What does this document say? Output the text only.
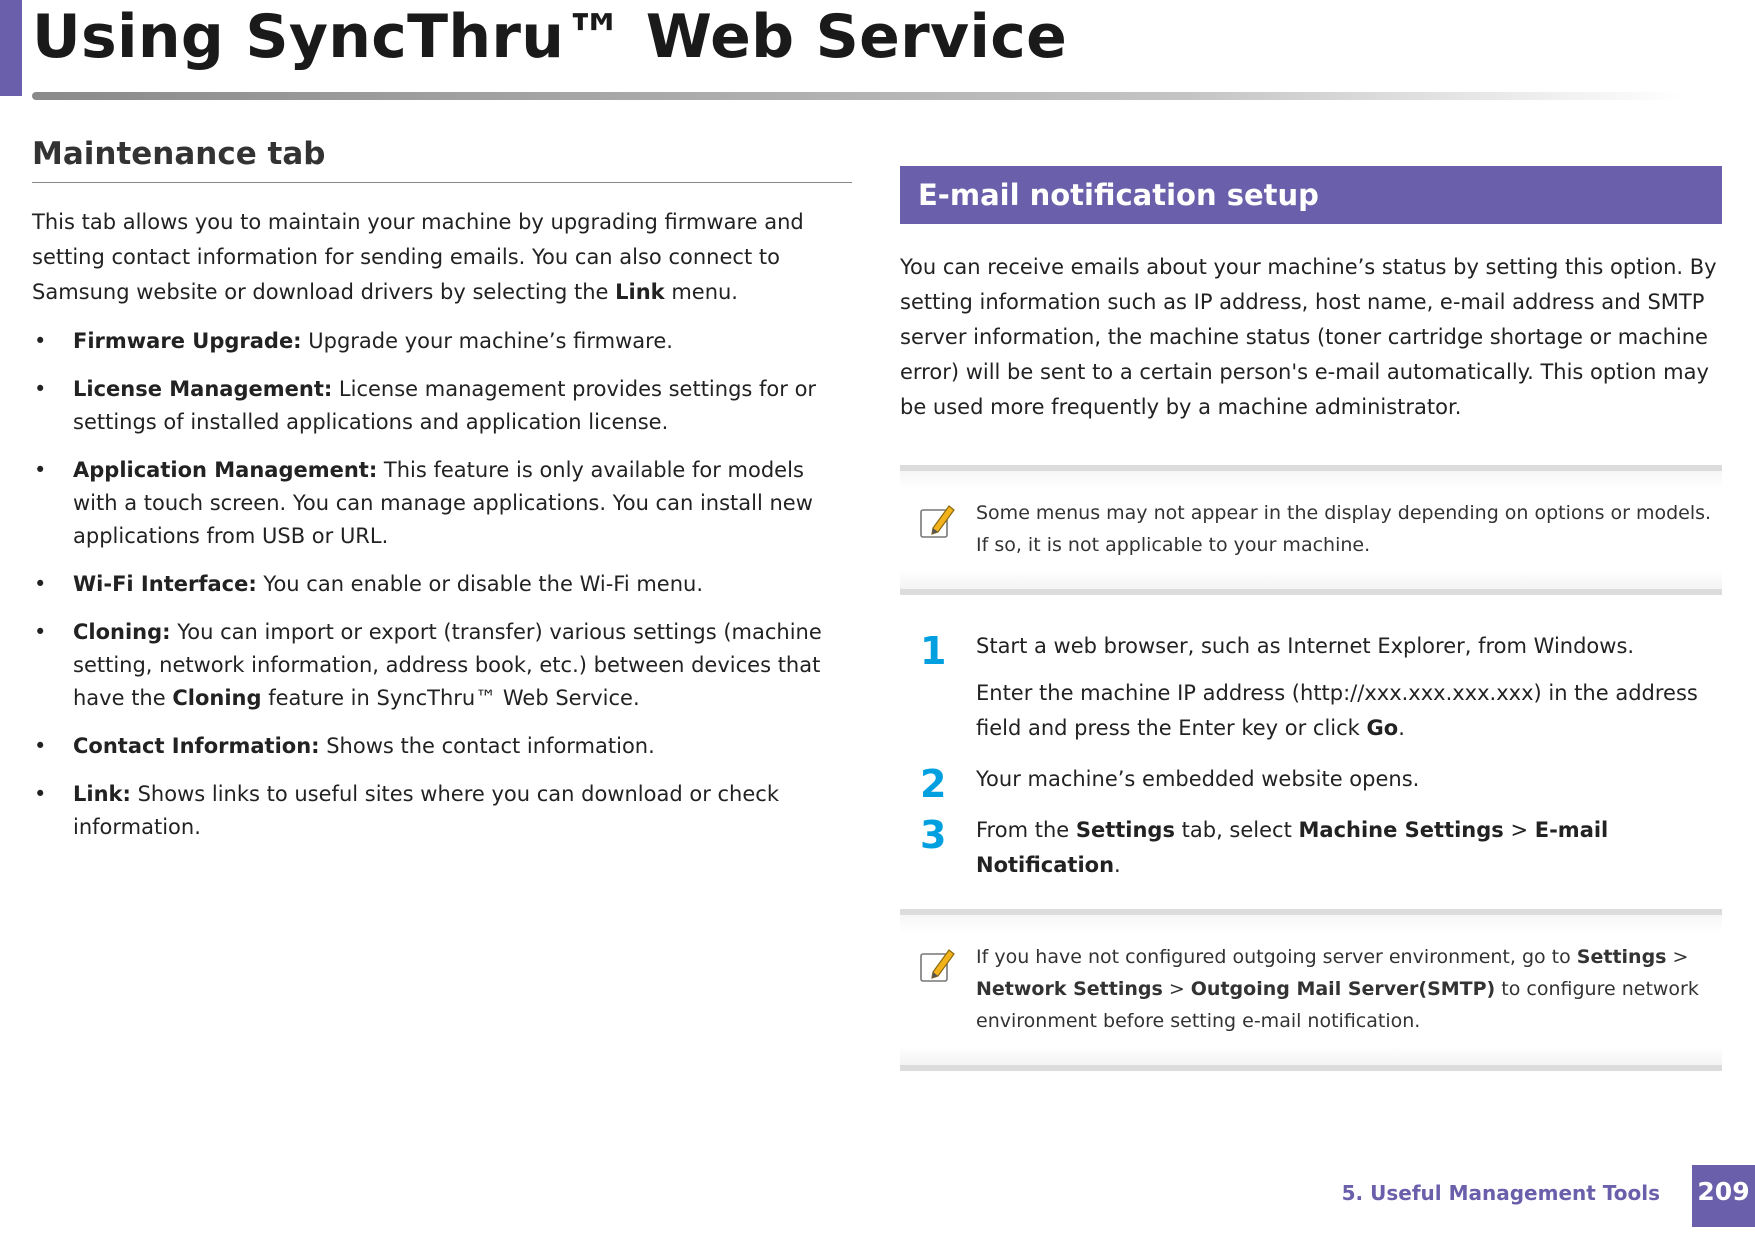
Using SyncThru™ Web Service
Maintenance tab

This tab allows you to maintain your machine by upgrading firmware and setting contact information for sending emails. You can also connect to Samsung website or download drivers by selecting the Link menu.

• Firmware Upgrade: Upgrade your machine’s firmware.
• License Management: License management provides settings for or settings of installed applications and application license.
• Application Management: This feature is only available for models with a touch screen. You can manage applications. You can install new applications from USB or URL.
• Wi-Fi Interface: You can enable or disable the Wi-Fi menu.
• Cloning: You can import or export (transfer) various settings (machine setting, network information, address book, etc.) between devices that have the Cloning feature in SyncThru™ Web Service.
• Contact Information: Shows the contact information.
• Link: Shows links to useful sites where you can download or check information.
E-mail notification setup

You can receive emails about your machine’s status by setting this option. By setting information such as IP address, host name, e-mail address and SMTP server information, the machine status (toner cartridge shortage or machine error) will be sent to a certain person's e-mail automatically. This option may be used more frequently by a machine administrator.

Some menus may not appear in the display depending on options or models. If so, it is not applicable to your machine.
1 Start a web browser, such as Internet Explorer, from Windows.

Enter the machine IP address (http://xxx.xxx.xxx.xxx) in the address field and press the Enter key or click Go.

2 Your machine’s embedded website opens.

3 From the Settings tab, select Machine Settings > E-mail Notification.

If you have not configured outgoing server environment, go to Settings > Network Settings > Outgoing Mail Server(SMTP) to configure network environment before setting e-mail notification.
5. Useful Management Tools 209
